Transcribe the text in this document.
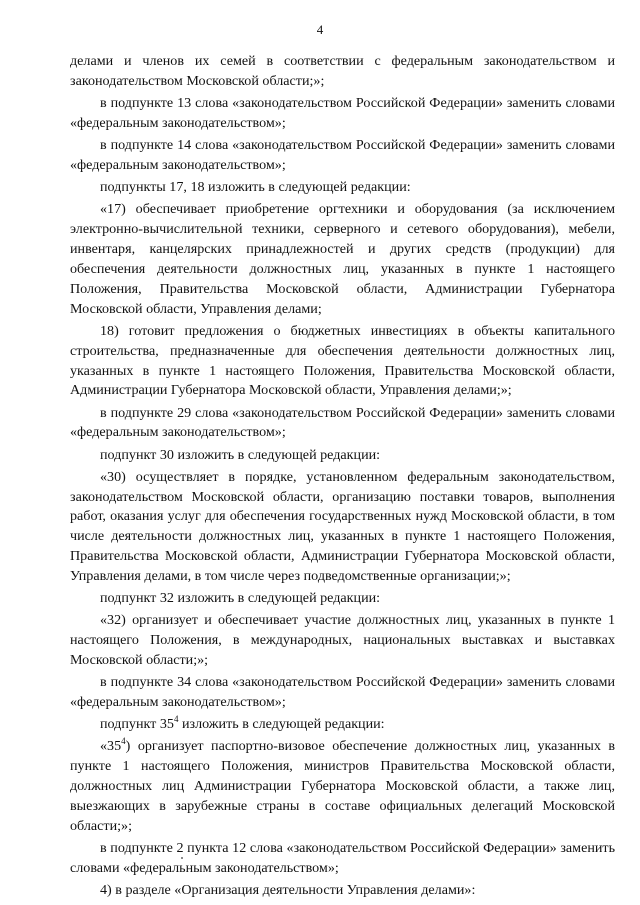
4

делами и членов их семей в соответствии с федеральным законодательством и законодательством Московской области;»;

в подпункте 13 слова «законодательством Российской Федерации» заменить словами «федеральным законодательством»;

в подпункте 14 слова «законодательством Российской Федерации» заменить словами «федеральным законодательством»;

подпункты 17, 18 изложить в следующей редакции:

«17) обеспечивает приобретение оргтехники и оборудования (за исключением электронно-вычислительной техники, серверного и сетевого оборудования), мебели, инвентаря, канцелярских принадлежностей и других средств (продукции) для обеспечения деятельности должностных лиц, указанных в пункте 1 настоящего Положения, Правительства Московской области, Администрации Губернатора Московской области, Управления делами;

18) готовит предложения о бюджетных инвестициях в объекты капитального строительства, предназначенные для обеспечения деятельности должностных лиц, указанных в пункте 1 настоящего Положения, Правительства Московской области, Администрации Губернатора Московской области, Управления делами;»;

в подпункте 29 слова «законодательством Российской Федерации» заменить словами «федеральным законодательством»;

подпункт 30 изложить в следующей редакции:

«30) осуществляет в порядке, установленном федеральным законодательством, законодательством Московской области, организацию поставки товаров, выполнения работ, оказания услуг для обеспечения государственных нужд Московской области, в том числе деятельности должностных лиц, указанных в пункте 1 настоящего Положения, Правительства Московской области, Администрации Губернатора Московской области, Управления делами, в том числе через подведомственные организации;»;

подпункт 32 изложить в следующей редакции:

«32) организует и обеспечивает участие должностных лиц, указанных в пункте 1 настоящего Положения, в международных, национальных выставках и выставках Московской области;»;

в подпункте 34 слова «законодательством Российской Федерации» заменить словами «федеральным законодательством»;

подпункт $35^4$ изложить в следующей редакции:

«$35^4$) организует паспортно-визовое обеспечение должностных лиц, указанных в пункте 1 настоящего Положения, министров Правительства Московской области, должностных лиц Администрации Губернатора Московской области, а также лиц, выезжающих в зарубежные страны в составе официальных делегаций Московской области;»;

в подпункте 2 пункта 12 слова «законодательством Российской Федерации» заменить словами «федеральным законодательством»;

4) в разделе «Организация деятельности Управления делами»:
